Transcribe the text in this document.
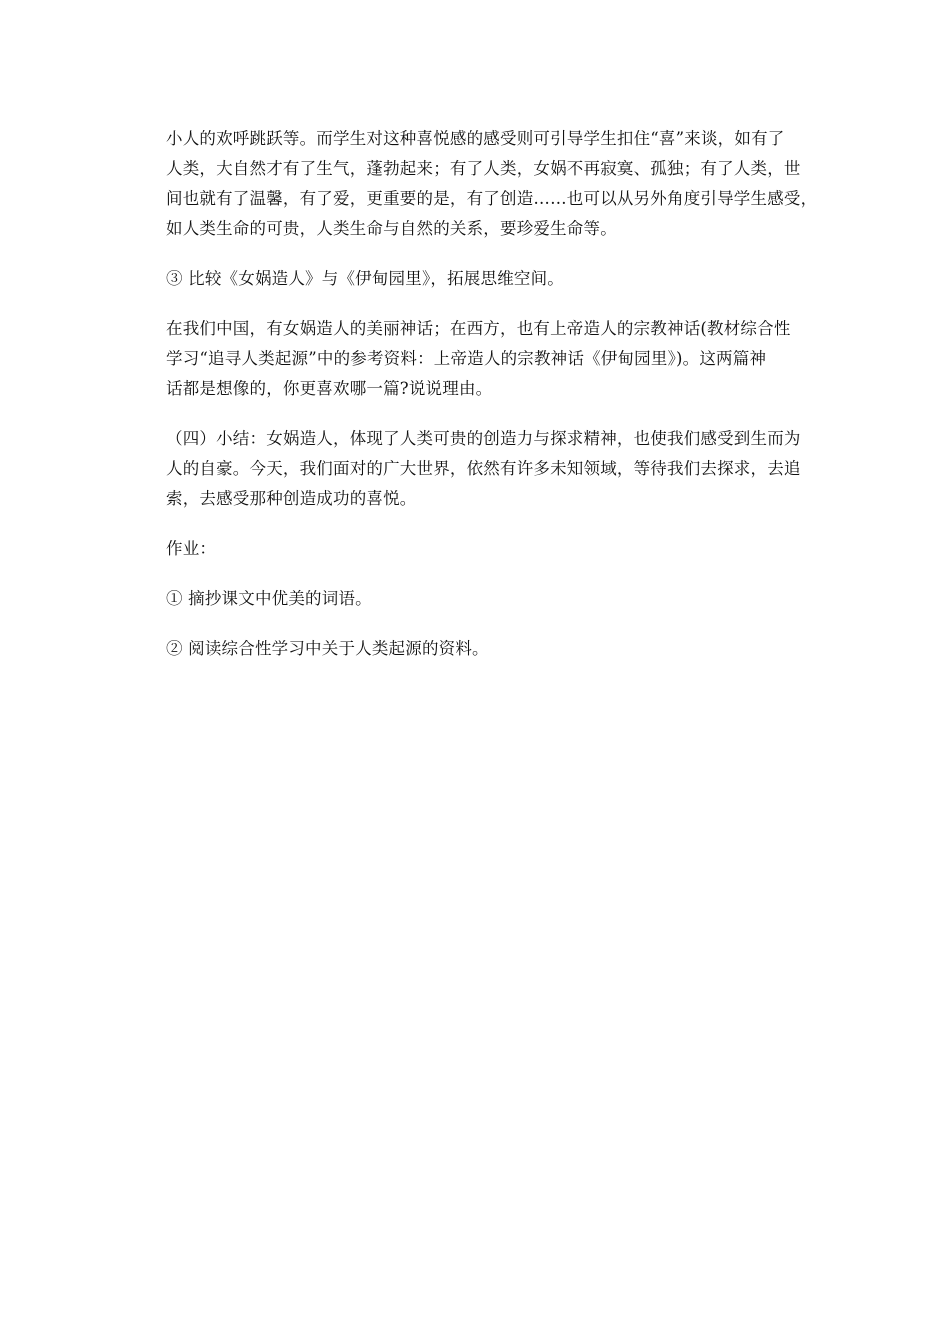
小人的欢呼跳跃等。而学生对这种喜悦感的感受则可引导学生扣住“喜”来谈，如有了
人类，大自然才有了生气，蓬勃起来；有了人类，女娲不再寂寞、孤独；有了人类，世
间也就有了温馨，有了爱，更重要的是，有了创造……也可以从另外角度引导学生感受，
如人类生命的可贵，人类生命与自然的关系，要珍爱生命等。

③ 比较《女娲造人》与《伊甸园里》，拓展思维空间。

在我们中国，有女娲造人的美丽神话；在西方，也有上帝造人的宗教神话(教材综合性
学习“追寻人类起源”中的参考资料：上帝造人的宗教神话《伊甸园里》)。这两篇神
话都是想像的，你更喜欢哪一篇?说说理由。

（四）小结：女娲造人，体现了人类可贵的创造力与探求精神，也使我们感受到生而为
人的自豪。今天，我们面对的广大世界，依然有许多未知领域，等待我们去探求，去追
索，去感受那种创造成功的喜悦。

作业：

① 摘抄课文中优美的词语。

② 阅读综合性学习中关于人类起源的资料。
